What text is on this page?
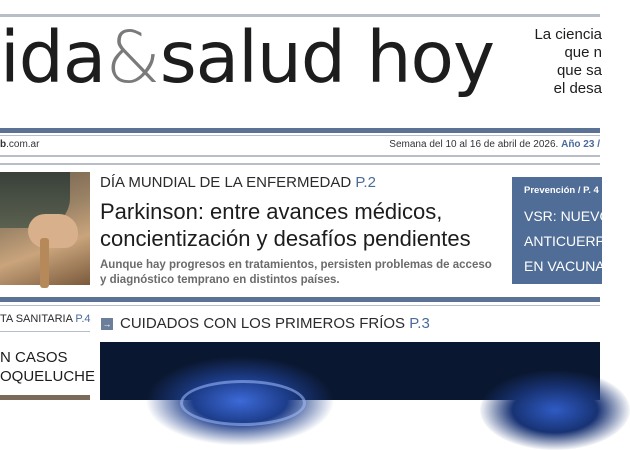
ida&salud hoy	La ciencia
que n
que sa
el desa
b.com.ar	Semana del 10 al 16 de abril de 2026. Año 23 /
DÍA MUNDIAL DE LA ENFERMEDAD P.2
Parkinson: entre avances médicos, concientización y desafíos pendientes
Aunque hay progresos en tratamientos, persisten problemas de acceso y diagnóstico temprano en distintos países.
Prevención / P. 4
VSR: NUEVO
ANTICUERP
EN VACUNA
TA SANITARIA P.4
N CASOS
OQUELUCHE
→ CUIDADOS CON LOS PRIMEROS FRÍOS P.3
